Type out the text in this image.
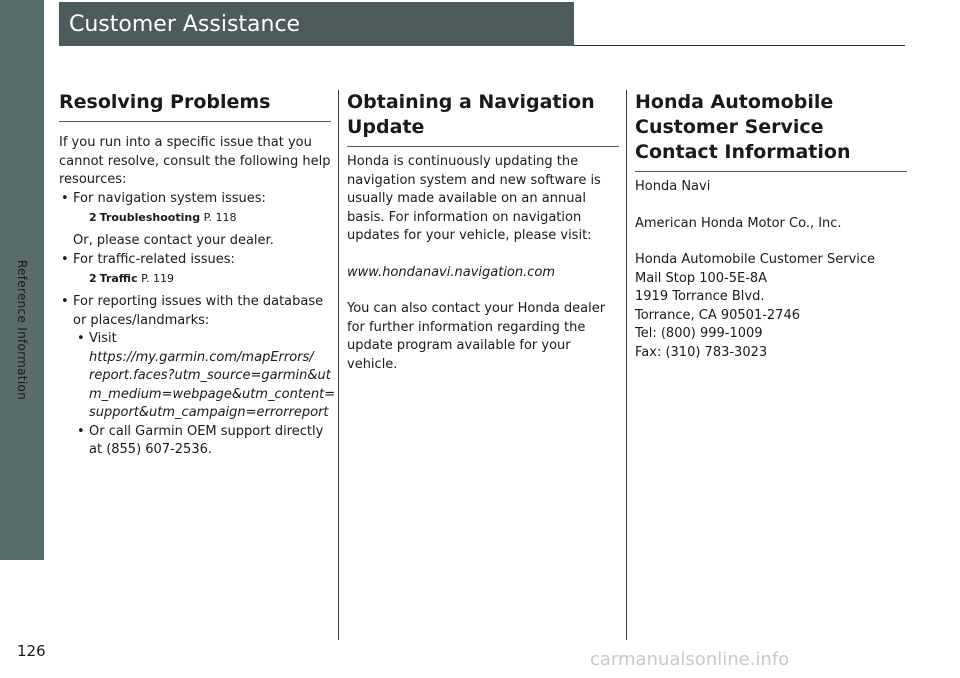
Reference Information
Customer Assistance
Resolving Problems

If you run into a specific issue that you cannot resolve, consult the following help resources:

• For navigation system issues:

2 Troubleshooting P. 118

Or, please contact your dealer.

• For traffic-related issues:

2 Traffic P. 119

• For reporting issues with the database or places/landmarks:

• Visit

https://my.garmin.com/mapErrors/

report.faces?utm_source=garmin&ut

m_medium=webpage&utm_content=

support&utm_campaign=errorreport

• Or call Garmin OEM support directly at (855) 607-2536.

Obtaining a Navigation Update

Honda is continuously updating the navigation system and new software is usually made available on an annual basis. For information on navigation updates for your vehicle, please visit:

www.hondanavi.navigation.com

You can also contact your Honda dealer for further information regarding the update program available for your vehicle.

Honda Automobile Customer Service Contact Information

Honda Navi

American Honda Motor Co., Inc.

Honda Automobile Customer Service

Mail Stop 100-5E-8A

1919 Torrance Blvd.

Torrance, CA 90501-2746

Tel: (800) 999-1009

Fax: (310) 783-3023

126	carmanualsonline.info
